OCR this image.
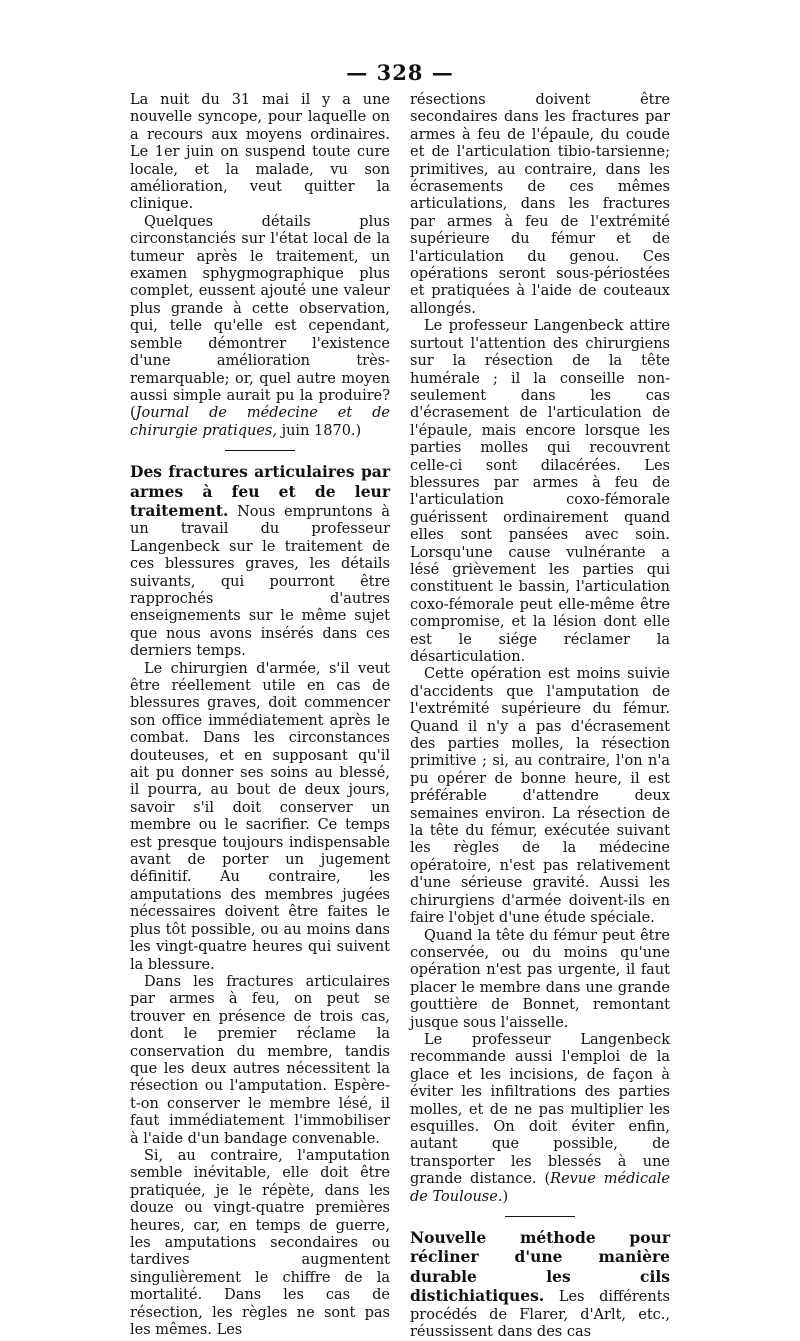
— 328 —

La nuit du 31 mai il y a une nouvelle syncope, pour laquelle on a recours aux moyens ordinaires. Le 1er juin on suspend toute cure locale, et la malade, vu son amélioration, veut quitter la clinique.

Quelques détails plus circonstanciés sur l'état local de la tumeur après le traitement, un examen sphygmographique plus complet, eussent ajouté une valeur plus grande à cette observation, qui, telle qu'elle est cependant, semble démontrer l'existence d'une amélioration très-remarquable; or, quel autre moyen aussi simple aurait pu la produire? (Journal de médecine et de chirurgie pratiques, juin 1870.)

Des fractures articulaires par armes à feu et de leur traitement. Nous empruntons à un travail du professeur Langenbeck sur le traitement de ces blessures graves, les détails suivants, qui pourront être rapprochés d'autres enseignements sur le même sujet que nous avons insérés dans ces derniers temps.

Le chirurgien d'armée, s'il veut être réellement utile en cas de blessures graves, doit commencer son office immédiatement après le combat. Dans les circonstances douteuses, et en supposant qu'il ait pu donner ses soins au blessé, il pourra, au bout de deux jours, savoir s'il doit conserver un membre ou le sacrifier. Ce temps est presque toujours indispensable avant de porter un jugement définitif. Au contraire, les amputations des membres jugées nécessaires doivent être faites le plus tôt possible, ou au moins dans les vingt-quatre heures qui suivent la blessure.

Dans les fractures articulaires par armes à feu, on peut se trouver en présence de trois cas, dont le premier réclame la conservation du membre, tandis que les deux autres nécessitent la résection ou l'amputation. Espère-t-on conserver le membre lésé, il faut immédiatement l'immobiliser à l'aide d'un bandage convenable.

Si, au contraire, l'amputation semble inévitable, elle doit être pratiquée, je le répète, dans les douze ou vingt-quatre premières heures, car, en temps de guerre, les amputations secondaires ou tardives augmentent singulièrement le chiffre de la mortalité. Dans les cas de résection, les règles ne sont pas les mêmes. Les

résections doivent être secondaires dans les fractures par armes à feu de l'épaule, du coude et de l'articulation tibio-tarsienne; primitives, au contraire, dans les écrasements de ces mêmes articulations, dans les fractures par armes à feu de l'extrémité supérieure du fémur et de l'articulation du genou. Ces opérations seront sous-périostées et pratiquées à l'aide de couteaux allongés.

Le professeur Langenbeck attire surtout l'attention des chirurgiens sur la résection de la tête humérale ; il la conseille non-seulement dans les cas d'écrasement de l'articulation de l'épaule, mais encore lorsque les parties molles qui recouvrent celle-ci sont dilacérées. Les blessures par armes à feu de l'articulation coxo-fémorale guérissent ordinairement quand elles sont pansées avec soin. Lorsqu'une cause vulnérante a lésé grièvement les parties qui constituent le bassin, l'articulation coxo-fémorale peut elle-même être compromise, et la lésion dont elle est le siége réclamer la désarticulation.

Cette opération est moins suivie d'accidents que l'amputation de l'extrémité supérieure du fémur. Quand il n'y a pas d'écrasement des parties molles, la résection primitive ; si, au contraire, l'on n'a pu opérer de bonne heure, il est préférable d'attendre deux semaines environ. La résection de la tête du fémur, exécutée suivant les règles de la médecine opératoire, n'est pas relativement d'une sérieuse gravité. Aussi les chirurgiens d'armée doivent-ils en faire l'objet d'une étude spéciale.

Quand la tête du fémur peut être conservée, ou du moins qu'une opération n'est pas urgente, il faut placer le membre dans une grande gouttière de Bonnet, remontant jusque sous l'aisselle.

Le professeur Langenbeck recommande aussi l'emploi de la glace et les incisions, de façon à éviter les infiltrations des parties molles, et de ne pas multiplier les esquilles. On doit éviter enfin, autant que possible, de transporter les blessés à une grande distance. (Revue médicale de Toulouse.)

Nouvelle méthode pour récliner d'une manière durable les cils distichiatiques. Les différents procédés de Flarer, d'Arlt, etc., réussissent dans des cas
